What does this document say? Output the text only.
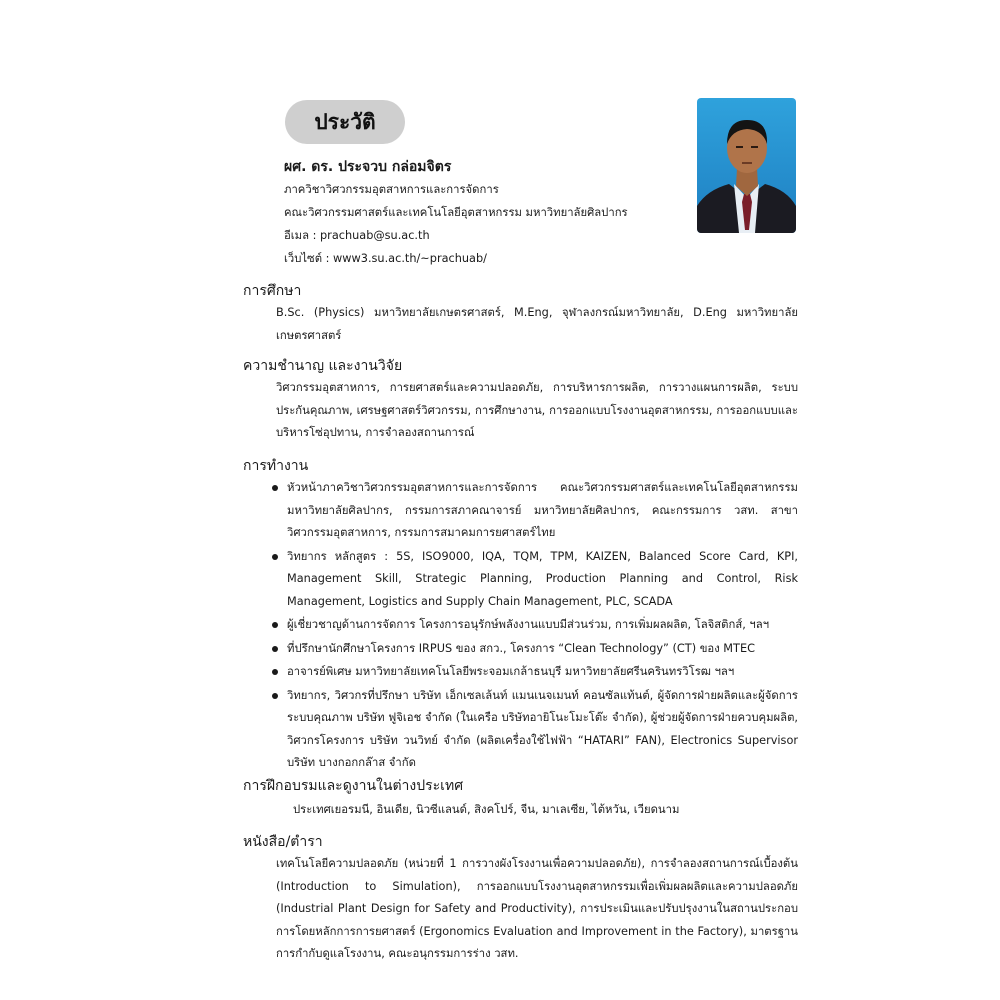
ประวัติ
ผศ. ดร. ประจวบ กล่อมจิตร
ภาควิชาวิศวกรรมอุตสาหการและการจัดการ
คณะวิศวกรรมศาสตร์และเทคโนโลยีอุตสาหกรรม มหาวิทยาลัยศิลปากร
อีเมล : prachuab@su.ac.th
เว็บไซต์ : www3.su.ac.th/~prachuab/
การศึกษา
B.Sc. (Physics) มหาวิทยาลัยเกษตรศาสตร์, M.Eng, จุฬาลงกรณ์มหาวิทยาลัย, D.Eng มหาวิทยาลัยเกษตรศาสตร์
ความชำนาญ และงานวิจัย
วิศวกรรมอุตสาหการ, การยศาสตร์และความปลอดภัย, การบริหารการผลิต, การวางแผนการผลิต, ระบบประกันคุณภาพ, เศรษฐศาสตร์วิศวกรรม, การศึกษางาน, การออกแบบโรงงานอุตสาหกรรม, การออกแบบและบริหารโซ่อุปทาน, การจำลองสถานการณ์
การทำงาน
หัวหน้าภาควิชาวิศวกรรมอุตสาหการและการจัดการ คณะวิศวกรรมศาสตร์และเทคโนโลยีอุตสาหกรรม มหาวิทยาลัยศิลปากร, กรรมการสภาคณาจารย์ มหาวิทยาลัยศิลปากร, คณะกรรมการ วสท. สาขาวิศวกรรมอุตสาหการ, กรรมการสมาคมการยศาสตร์ไทย
วิทยากร หลักสูตร : 5S, ISO9000, IQA, TQM, TPM, KAIZEN, Balanced Score Card, KPI, Management Skill, Strategic Planning, Production Planning and Control, Risk Management, Logistics and Supply Chain Management, PLC, SCADA
ผู้เชี่ยวชาญด้านการจัดการ โครงการอนุรักษ์พลังงานแบบมีส่วนร่วม, การเพิ่มผลผลิต, โลจิสติกส์, ฯลฯ
ที่ปรึกษานักศึกษาโครงการ IRPUS ของ สกว., โครงการ “Clean Technology” (CT) ของ MTEC
อาจารย์พิเศษ มหาวิทยาลัยเทคโนโลยีพระจอมเกล้าธนบุรี มหาวิทยาลัยศรีนครินทรวิโรฒ ฯลฯ
วิทยากร, วิศวกรที่ปรึกษา บริษัท เอ็กเซลเล้นท์ แมนเนจเมนท์ คอนซัลแท้นต์, ผู้จัดการฝ่ายผลิตและผู้จัดการระบบคุณภาพ บริษัท ฟูจิเอช จำกัด (ในเครือ บริษัทอายิโนะโมะโต๊ะ จำกัด), ผู้ช่วยผู้จัดการฝ่ายควบคุมผลิต, วิศวกรโครงการ บริษัท วนวิทย์ จำกัด (ผลิตเครื่องใช้ไฟฟ้า “HATARI” FAN), Electronics Supervisor บริษัท บางกอกกล๊าส จำกัด
การฝึกอบรมและดูงานในต่างประเทศ
ประเทศเยอรมนี, อินเดีย, นิวซีแลนด์, สิงคโปร์, จีน, มาเลเซีย, ไต้หวัน, เวียดนาม
หนังสือ/ตำรา
เทคโนโลยีความปลอดภัย (หน่วยที่ 1 การวางผังโรงงานเพื่อความปลอดภัย), การจำลองสถานการณ์เบื้องต้น (Introduction to Simulation), การออกแบบโรงงานอุตสาหกรรมเพื่อเพิ่มผลผลิตและความปลอดภัย (Industrial Plant Design for Safety and Productivity), การประเมินและปรับปรุงงานในสถานประกอบการโดยหลักการการยศาสตร์ (Ergonomics Evaluation and Improvement in the Factory), มาตรฐานการกำกับดูแลโรงงาน, คณะอนุกรรมการร่าง วสท.
